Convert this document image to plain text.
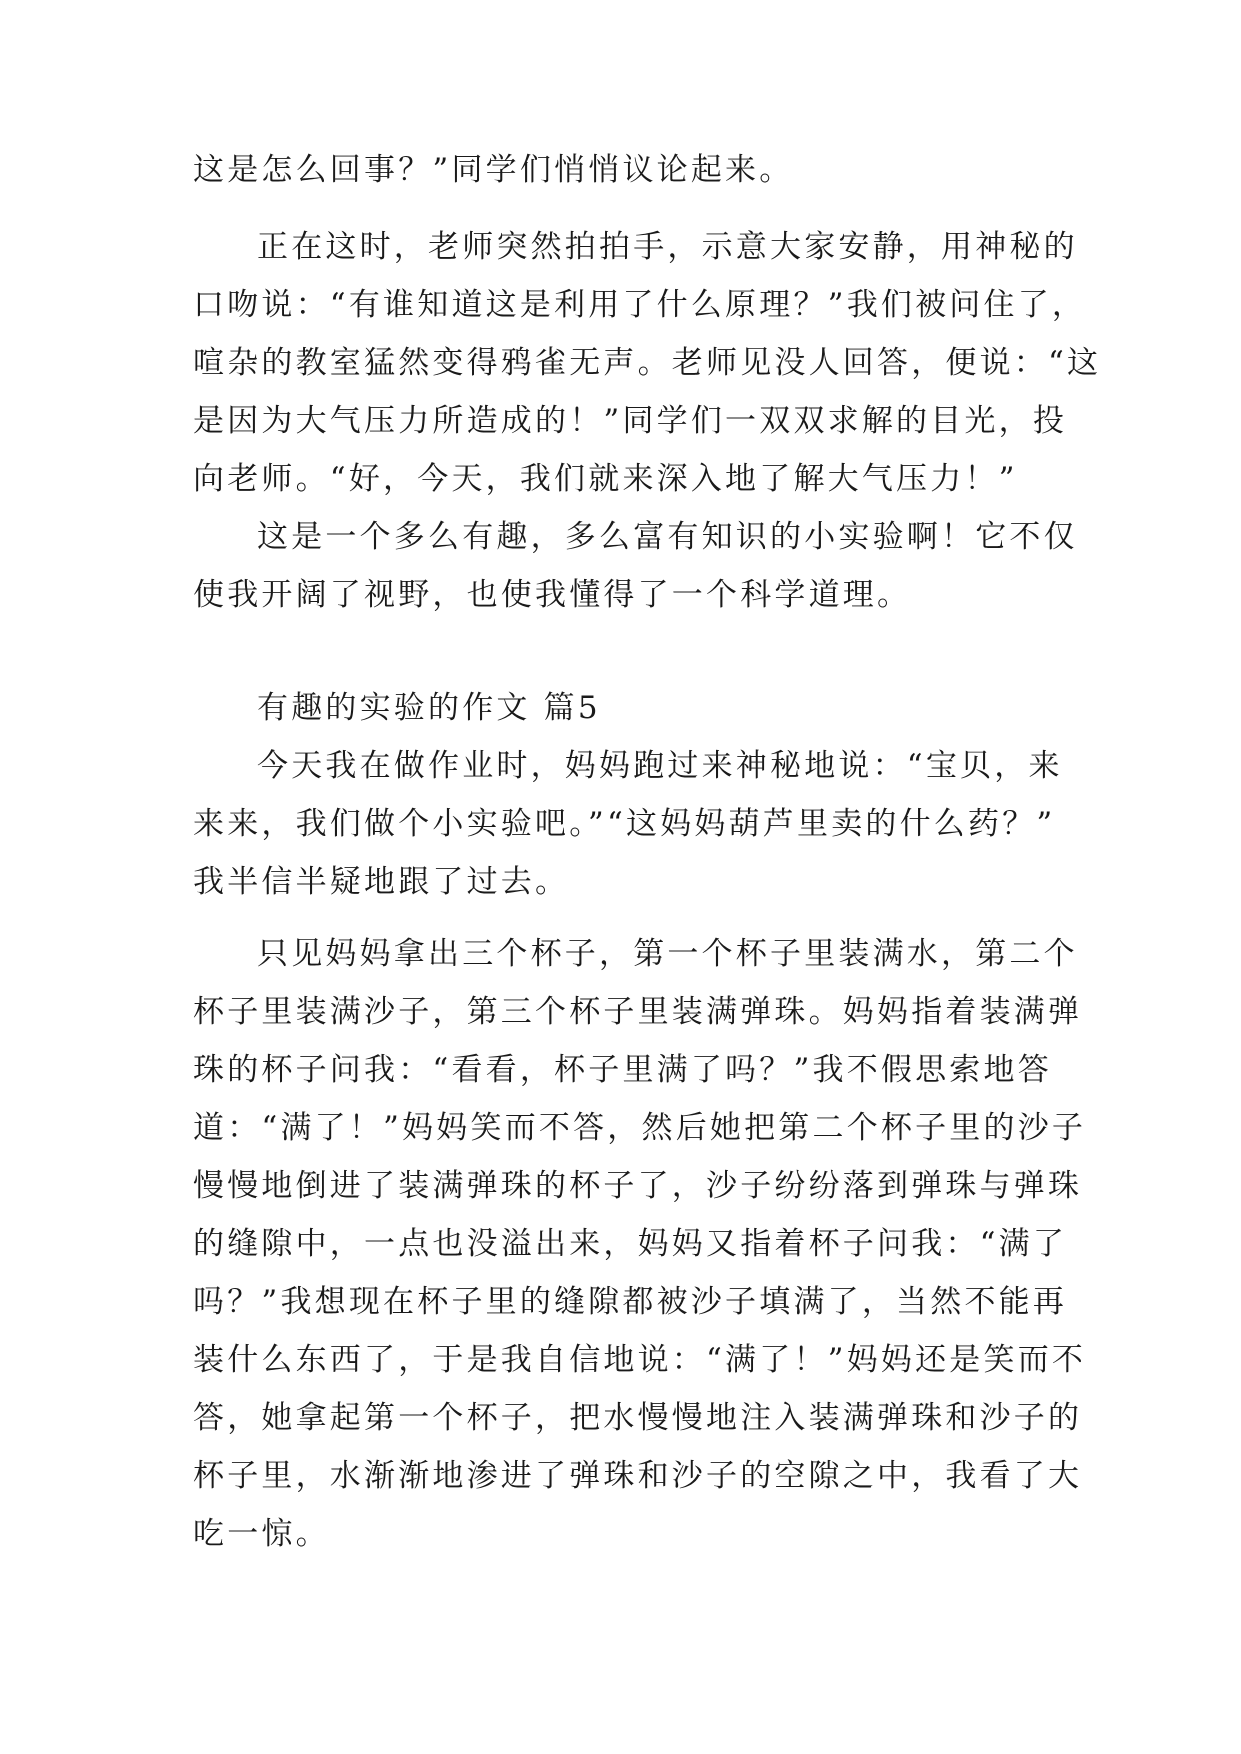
这是怎么回事？”同学们悄悄议论起来。
正在这时，老师突然拍拍手，示意大家安静，用神秘的
口吻说：“有谁知道这是利用了什么原理？”我们被问住了，
喧杂的教室猛然变得鸦雀无声。老师见没人回答，便说：“这
是因为大气压力所造成的！”同学们一双双求解的目光，投
向老师。“好，今天，我们就来深入地了解大气压力！”
这是一个多么有趣，多么富有知识的小实验啊！它不仅
使我开阔了视野，也使我懂得了一个科学道理。
有趣的实验的作文 篇5
今天我在做作业时，妈妈跑过来神秘地说：“宝贝，来
来来，我们做个小实验吧。”“这妈妈葫芦里卖的什么药？”
我半信半疑地跟了过去。
只见妈妈拿出三个杯子，第一个杯子里装满水，第二个
杯子里装满沙子，第三个杯子里装满弹珠。妈妈指着装满弹
珠的杯子问我：“看看，杯子里满了吗？”我不假思索地答
道：“满了！”妈妈笑而不答，然后她把第二个杯子里的沙子
慢慢地倒进了装满弹珠的杯子了，沙子纷纷落到弹珠与弹珠
的缝隙中，一点也没溢出来，妈妈又指着杯子问我：“满了
吗？”我想现在杯子里的缝隙都被沙子填满了，当然不能再
装什么东西了，于是我自信地说：“满了！”妈妈还是笑而不
答，她拿起第一个杯子，把水慢慢地注入装满弹珠和沙子的
杯子里，水渐渐地渗进了弹珠和沙子的空隙之中，我看了大
吃一惊。
